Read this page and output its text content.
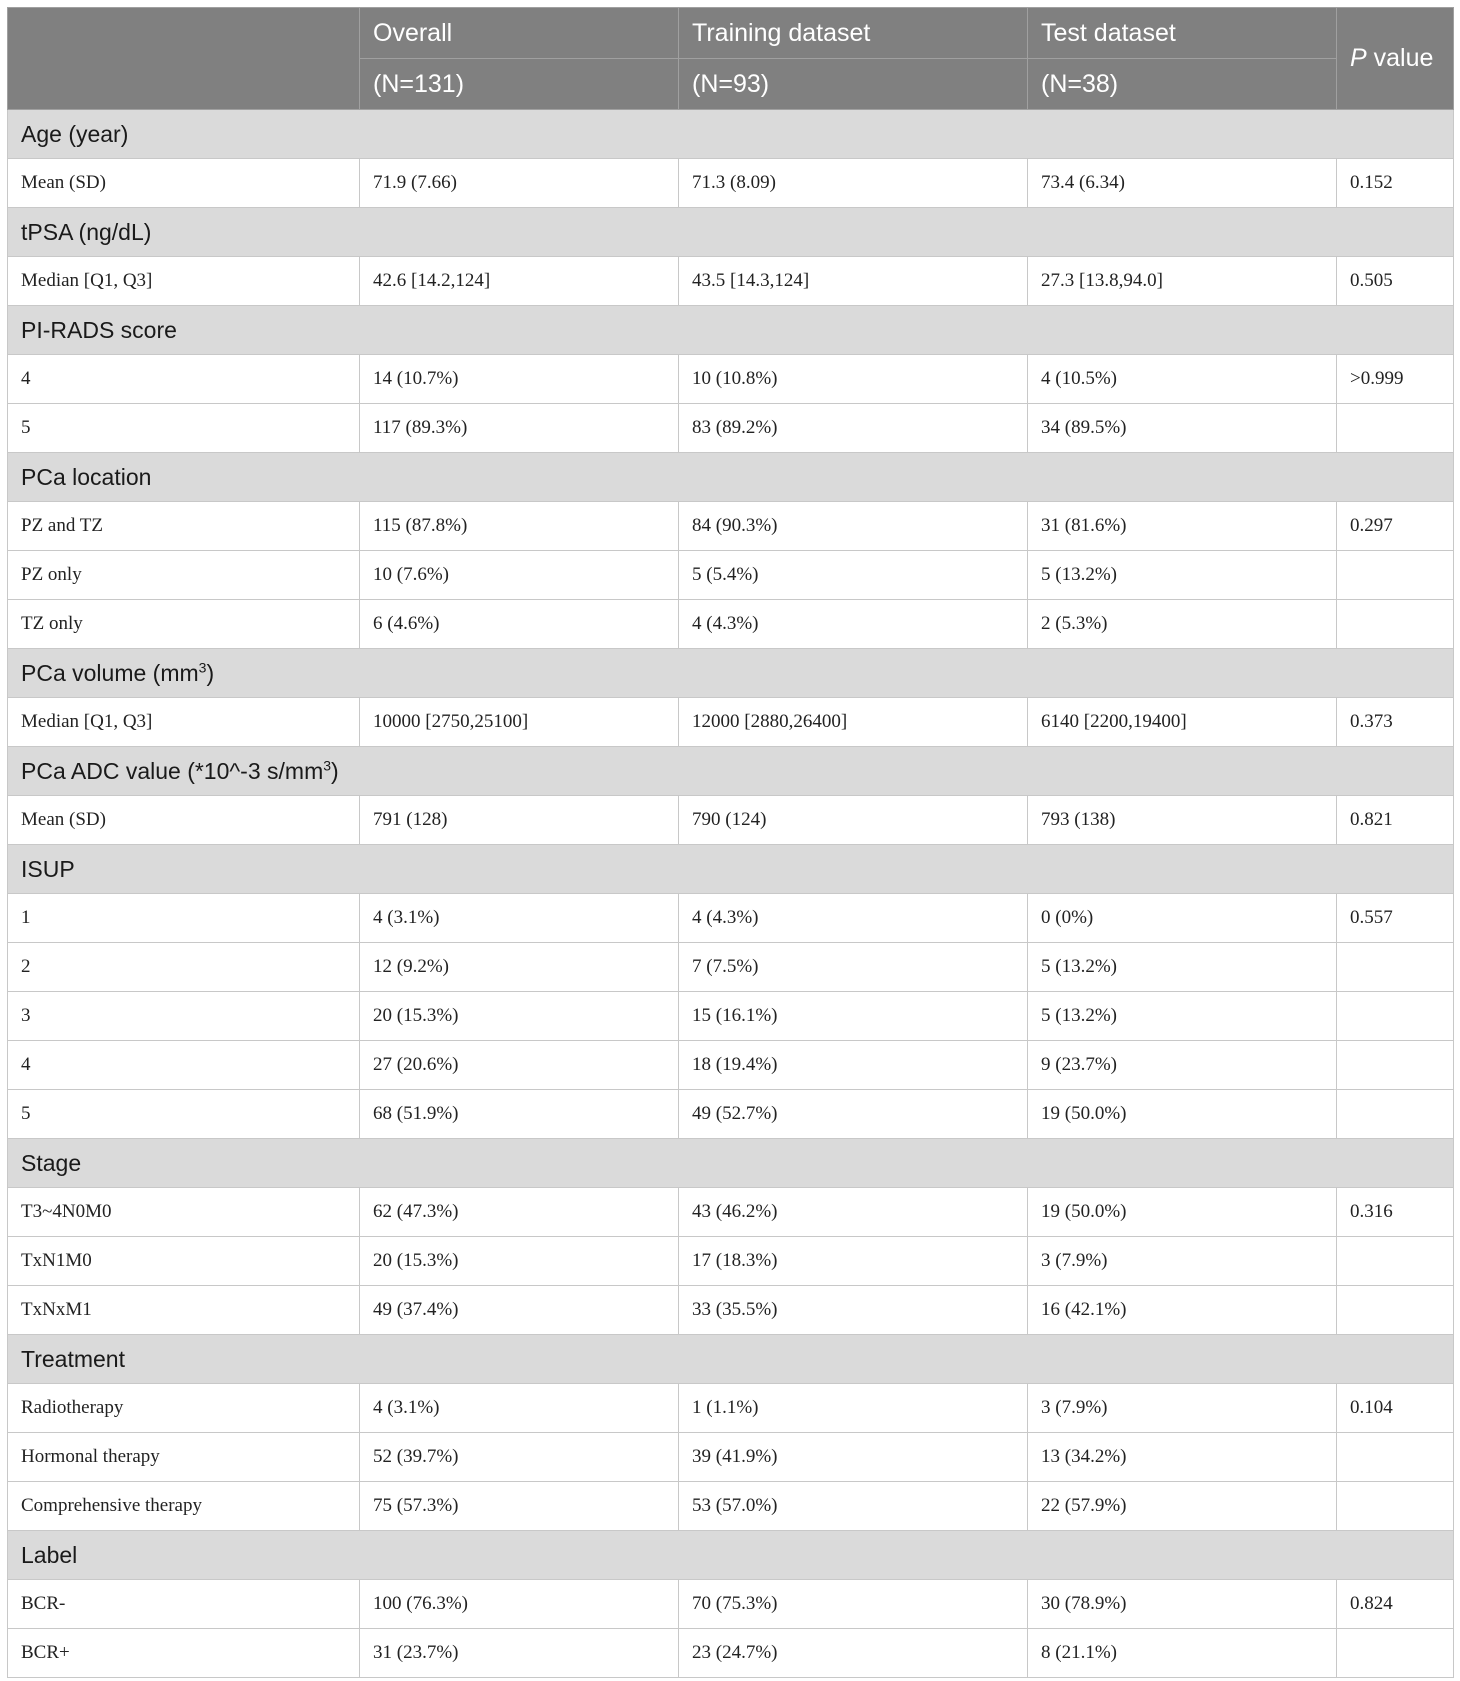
	Overall	Training dataset	Test dataset	P value
	(N=131)	(N=93)	(N=38)	
Age (year)				
Mean (SD)	71.9 (7.66)	71.3 (8.09)	73.4 (6.34)	0.152
tPSA (ng/dL)				
Median [Q1, Q3]	42.6 [14.2,124]	43.5 [14.3,124]	27.3 [13.8,94.0]	0.505
PI-RADS score				
4	14 (10.7%)	10 (10.8%)	4 (10.5%)	>0.999
5	117 (89.3%)	83 (89.2%)	34 (89.5%)	
PCa location				
PZ and TZ	115 (87.8%)	84 (90.3%)	31 (81.6%)	0.297
PZ only	10 (7.6%)	5 (5.4%)	5 (13.2%)	
TZ only	6 (4.6%)	4 (4.3%)	2 (5.3%)	
PCa volume $(mm^3)$				
Median [Q1, Q3]	10000 [2750,25100]	12000 [2880,26400]	6140 [2200,19400]	0.373
PCa ADC value (*10^-3 $s/mm^3$)				
Mean (SD)	791 (128)	790 (124)	793 (138)	0.821
ISUP				
1	4 (3.1%)	4 (4.3%)	0 (0%)	0.557
2	12 (9.2%)	7 (7.5%)	5 (13.2%)	
3	20 (15.3%)	15 (16.1%)	5 (13.2%)	
4	27 (20.6%)	18 (19.4%)	9 (23.7%)	
5	68 (51.9%)	49 (52.7%)	19 (50.0%)	
Stage				
T3~4N0M0	62 (47.3%)	43 (46.2%)	19 (50.0%)	0.316
TxN1M0	20 (15.3%)	17 (18.3%)	3 (7.9%)	
TxNxM1	49 (37.4%)	33 (35.5%)	16 (42.1%)	
Treatment				
Radiotherapy	4 (3.1%)	1 (1.1%)	3 (7.9%)	0.104
Hormonal therapy	52 (39.7%)	39 (41.9%)	13 (34.2%)	
Comprehensive therapy	75 (57.3%)	53 (57.0%)	22 (57.9%)	
Label				
BCR-	100 (76.3%)	70 (75.3%)	30 (78.9%)	0.824
BCR+	31 (23.7%)	23 (24.7%)	8 (21.1%)	
